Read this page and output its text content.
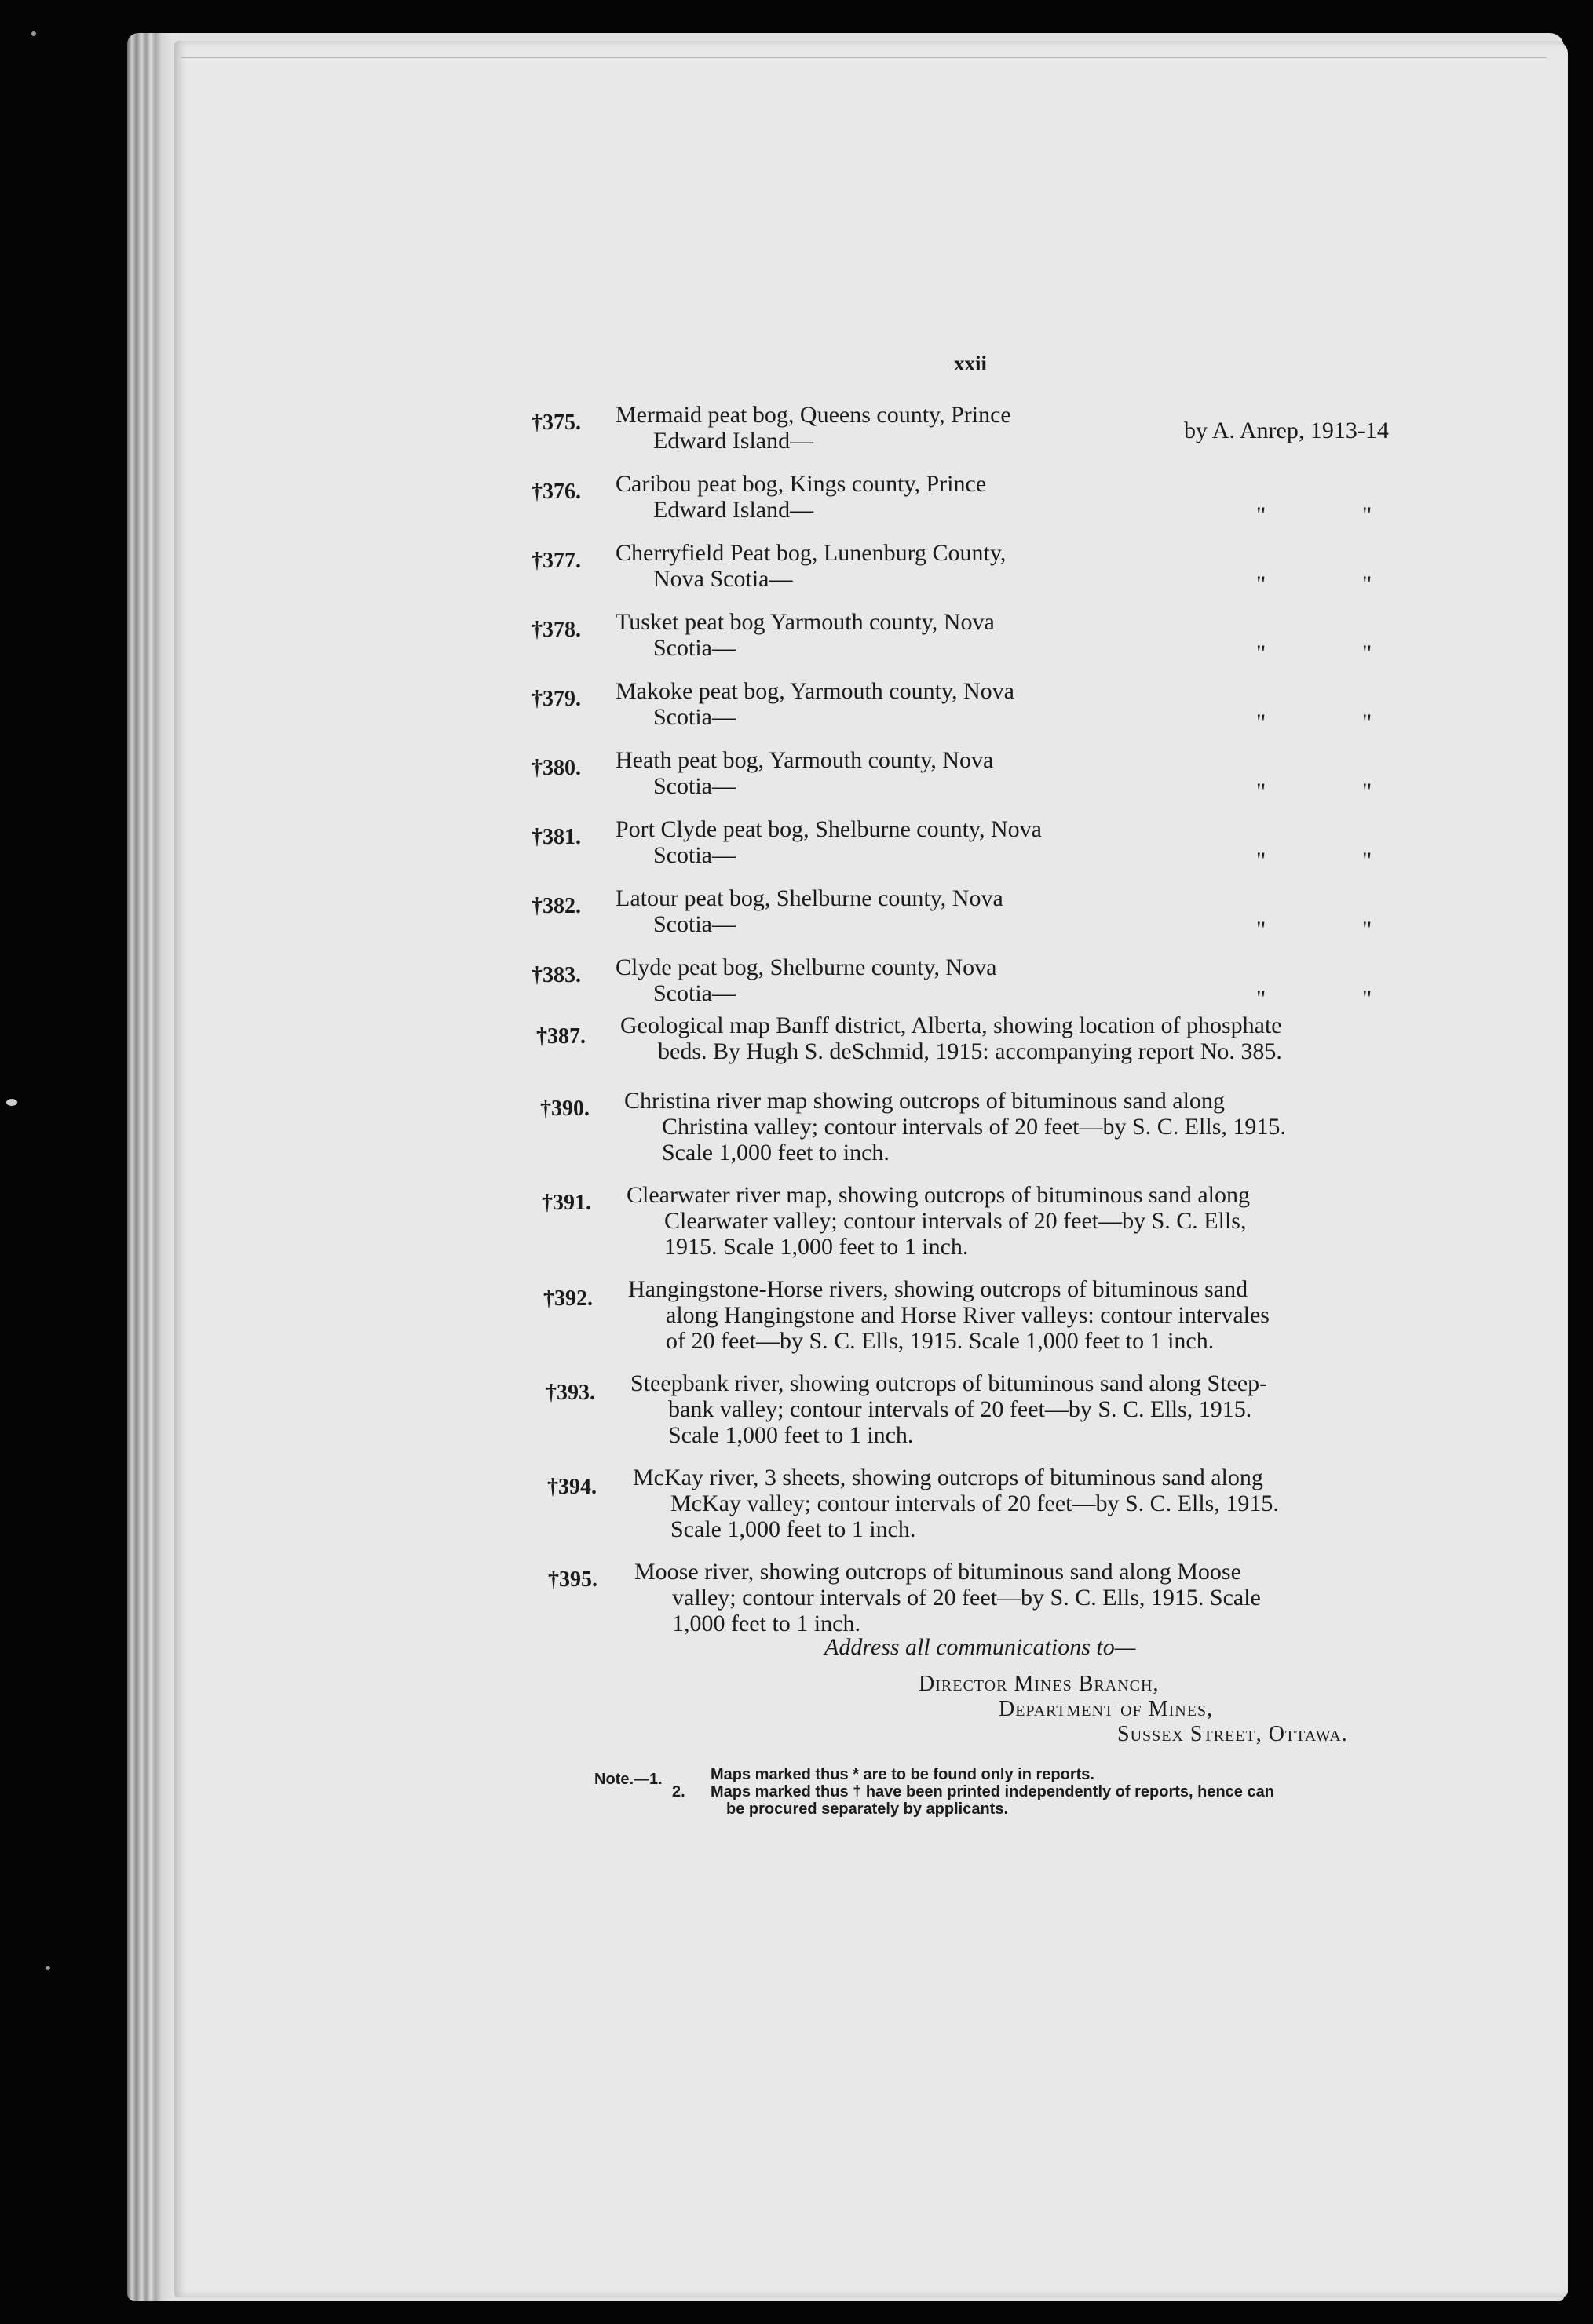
xxii
†375. Mermaid peat bog, Queens county, Prince
Edward Island—	by A. Anrep, 1913-14
†376. Caribou peat bog, Kings county, Prince
Edward Island—	"	"
†377. Cherryfield Peat bog, Lunenburg County,
Nova Scotia—	"	"
†378. Tusket peat bog Yarmouth county, Nova
Scotia—	"	"
†379. Makoke peat bog, Yarmouth county, Nova
Scotia—	"	"
†380. Heath peat bog, Yarmouth county, Nova
Scotia—	"	"
†381. Port Clyde peat bog, Shelburne county, Nova
Scotia—	"	"
†382. Latour peat bog, Shelburne county, Nova
Scotia—	"	"
†383. Clyde peat bog, Shelburne county, Nova
Scotia—	"	"
†387. Geological map Banff district, Alberta, showing location of phosphate
beds. By Hugh S. deSchmid, 1915: accompanying report No. 385.
†390. Christina river map showing outcrops of bituminous sand along
Christina valley; contour intervals of 20 feet—by S. C. Ells, 1915.
Scale 1,000 feet to inch.
†391. Clearwater river map, showing outcrops of bituminous sand along
Clearwater valley; contour intervals of 20 feet—by S. C. Ells,
1915. Scale 1,000 feet to 1 inch.
†392. Hangingstone-Horse rivers, showing outcrops of bituminous sand
along Hangingstone and Horse River valleys: contour intervales
of 20 feet—by S. C. Ells, 1915. Scale 1,000 feet to 1 inch.
†393. Steepbank river, showing outcrops of bituminous sand along Steep-
bank valley; contour intervals of 20 feet—by S. C. Ells, 1915.
Scale 1,000 feet to 1 inch.
†394. McKay river, 3 sheets, showing outcrops of bituminous sand along
McKay valley; contour intervals of 20 feet—by S. C. Ells, 1915.
Scale 1,000 feet to 1 inch.
†395. Moose river, showing outcrops of bituminous sand along Moose
valley; contour intervals of 20 feet—by S. C. Ells, 1915. Scale
1,000 feet to 1 inch.
Address all communications to—
Director Mines Branch,
Department of Mines,
Sussex Street, Ottawa.
Note.—1.	Maps marked thus * are to be found only in reports.
2. Maps marked thus † have been printed independently of reports, hence can
be procured separately by applicants.
